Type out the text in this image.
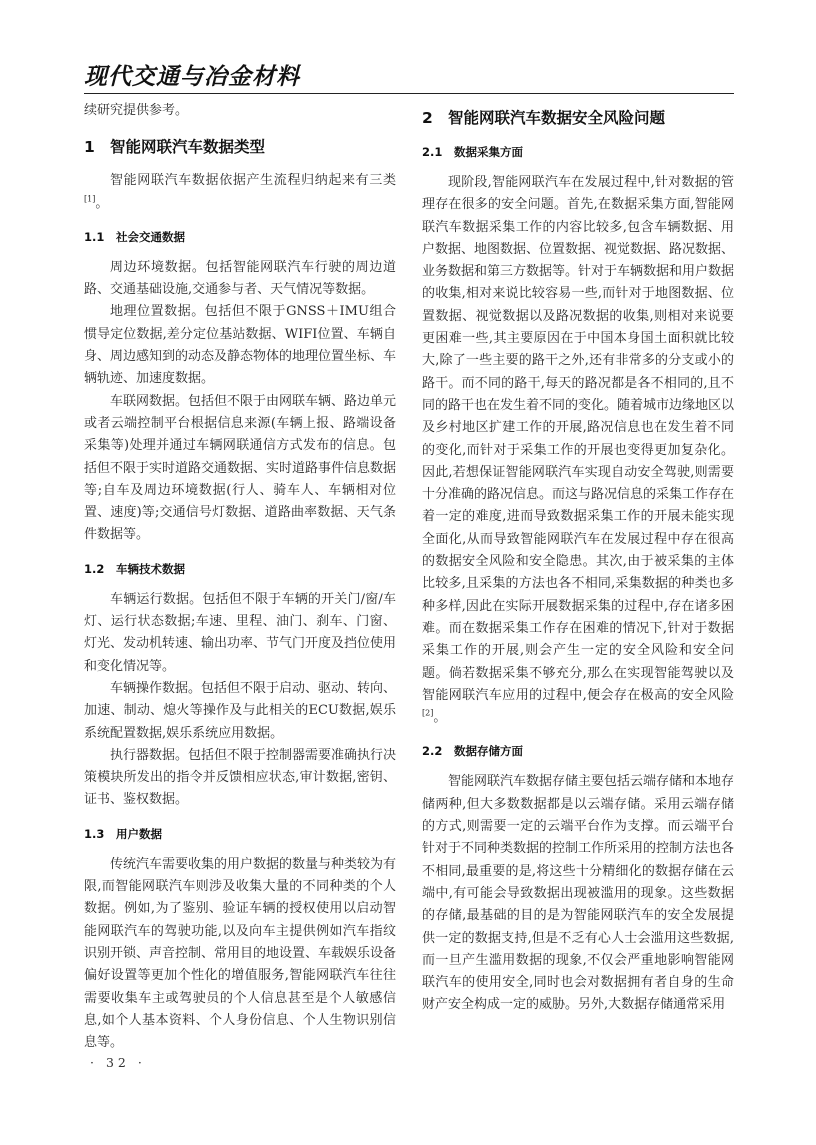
现代交通与冶金材料

续研究提供参考。

1 智能网联汽车数据类型

智能网联汽车数据依据产生流程归纳起来有三类[1]。

1.1 社会交通数据

周边环境数据。包括智能网联汽车行驶的周边道路、交通基础设施,交通参与者、天气情况等数据。

地理位置数据。包括但不限于GNSS＋IMU组合惯导定位数据,差分定位基站数据、WIFI位置、车辆自身、周边感知到的动态及静态物体的地理位置坐标、车辆轨迹、加速度数据。

车联网数据。包括但不限于由网联车辆、路边单元或者云端控制平台根据信息来源(车辆上报、路端设备采集等)处理并通过车辆网联通信方式发布的信息。包括但不限于实时道路交通数据、实时道路事件信息数据等;自车及周边环境数据(行人、骑车人、车辆相对位置、速度)等;交通信号灯数据、道路曲率数据、天气条件数据等。

1.2 车辆技术数据

车辆运行数据。包括但不限于车辆的开关门/窗/车灯、运行状态数据;车速、里程、油门、刹车、门窗、灯光、发动机转速、输出功率、节气门开度及挡位使用和变化情况等。

车辆操作数据。包括但不限于启动、驱动、转向、加速、制动、熄火等操作及与此相关的ECU数据,娱乐系统配置数据,娱乐系统应用数据。

执行器数据。包括但不限于控制器需要准确执行决策模块所发出的指令并反馈相应状态,审计数据,密钥、证书、鉴权数据。

1.3 用户数据

传统汽车需要收集的用户数据的数量与种类较为有限,而智能网联汽车则涉及收集大量的不同种类的个人数据。例如,为了鉴别、验证车辆的授权使用以启动智能网联汽车的驾驶功能,以及向车主提供例如汽车指纹识别开锁、声音控制、常用目的地设置、车载娱乐设备偏好设置等更加个性化的增值服务,智能网联汽车往往需要收集车主或驾驶员的个人信息甚至是个人敏感信息,如个人基本资料、个人身份信息、个人生物识别信息等。

2 智能网联汽车数据安全风险问题
2.1 数据采集方面

现阶段,智能网联汽车在发展过程中,针对数据的管理存在很多的安全问题。首先,在数据采集方面,智能网联汽车数据采集工作的内容比较多,包含车辆数据、用户数据、地图数据、位置数据、视觉数据、路况数据、业务数据和第三方数据等。针对于车辆数据和用户数据的收集,相对来说比较容易一些,而针对于地图数据、位置数据、视觉数据以及路况数据的收集,则相对来说要更困难一些,其主要原因在于中国本身国土面积就比较大,除了一些主要的路干之外,还有非常多的分支或小的路干。而不同的路干,每天的路况都是各不相同的,且不同的路干也在发生着不同的变化。随着城市边缘地区以及乡村地区扩建工作的开展,路况信息也在发生着不同的变化,而针对于采集工作的开展也变得更加复杂化。因此,若想保证智能网联汽车实现自动安全驾驶,则需要十分准确的路况信息。而这与路况信息的采集工作存在着一定的难度,进而导致数据采集工作的开展未能实现全面化,从而导致智能网联汽车在发展过程中存在很高的数据安全风险和安全隐患。其次,由于被采集的主体比较多,且采集的方法也各不相同,采集数据的种类也多种多样,因此在实际开展数据采集的过程中,存在诸多困难。而在数据采集工作存在困难的情况下,针对于数据采集工作的开展,则会产生一定的安全风险和安全问题。倘若数据采集不够充分,那么在实现智能驾驶以及智能网联汽车应用的过程中,便会存在极高的安全风险[2]。

2.2 数据存储方面

智能网联汽车数据存储主要包括云端存储和本地存储两种,但大多数数据都是以云端存储。采用云端存储的方式,则需要一定的云端平台作为支撑。而云端平台针对于不同种类数据的控制工作所采用的控制方法也各不相同,最重要的是,将这些十分精细化的数据存储在云端中,有可能会导致数据出现被滥用的现象。这些数据的存储,最基础的目的是为智能网联汽车的安全发展提供一定的数据支持,但是不乏有心人士会滥用这些数据,而一旦产生滥用数据的现象,不仅会严重地影响智能网联汽车的使用安全,同时也会对数据拥有者自身的生命财产安全构成一定的威胁。另外,大数据存储通常采用

· 32 ·
